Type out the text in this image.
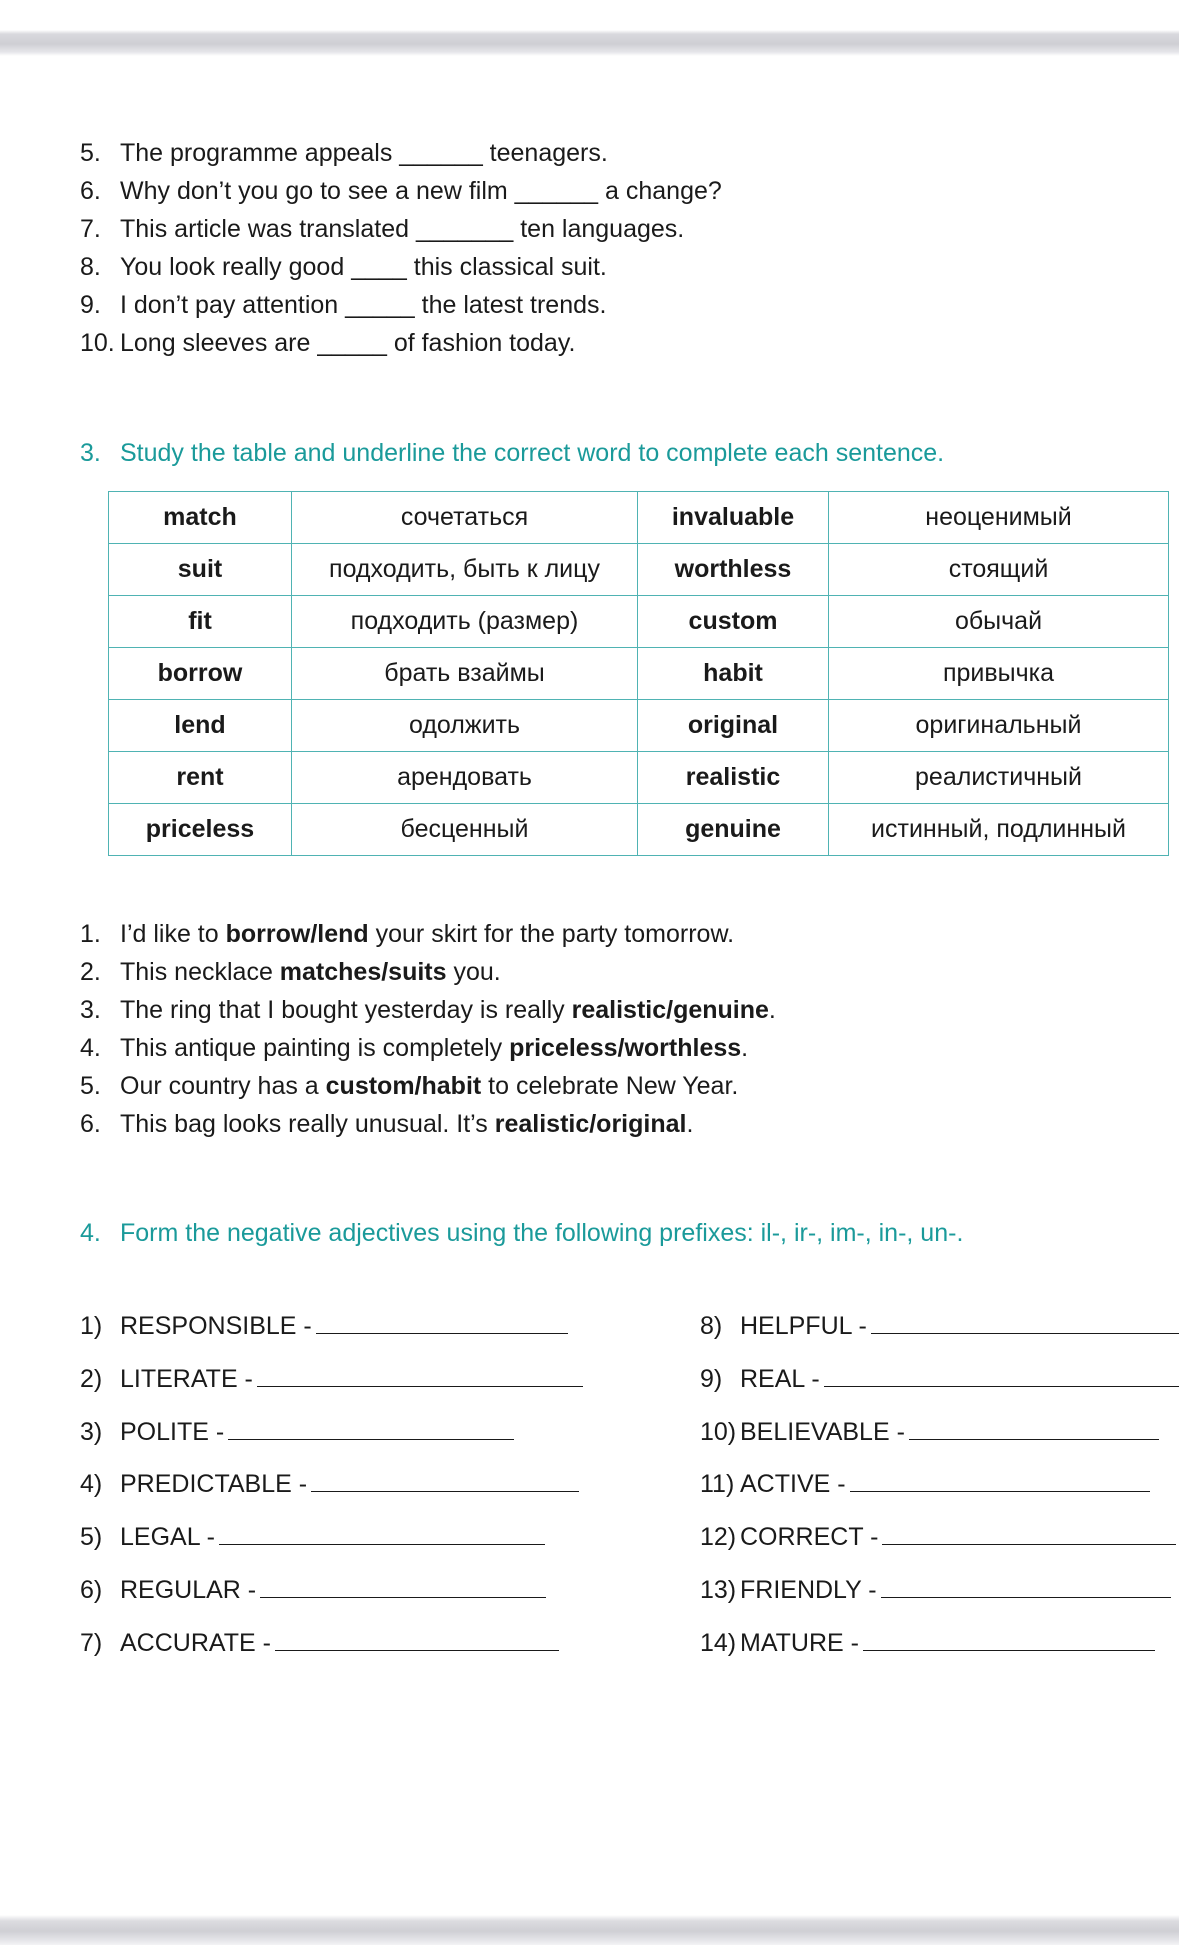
5. The programme appeals ______ teenagers.
6. Why don’t you go to see a new film ______ a change?
7. This article was translated _______ ten languages.
8. You look really good ____ this classical suit.
9. I don’t pay attention _____ the latest trends.
10. Long sleeves are _____ of fashion today.
3. Study the table and underline the correct word to complete each sentence.
match	сочетаться	invaluable	неоценимый
suit	подходить, быть к лицу	worthless	стоящий
fit	подходить (размер)	custom	обычай
borrow	брать взаймы	habit	привычка
lend	одолжить	original	оригинальный
rent	арендовать	realistic	реалистичный
priceless	бесценный	genuine	истинный, подлинный
1. I’d like to borrow/lend your skirt for the party tomorrow.
2. This necklace matches/suits you.
3. The ring that I bought yesterday is really realistic/genuine.
4. This antique painting is completely priceless/worthless.
5. Our country has a custom/habit to celebrate New Year.
6. This bag looks really unusual. It’s realistic/original.
4. Form the negative adjectives using the following prefixes: il-, ir-, im-, in-, un-.
1) RESPONSIBLE -
2) LITERATE -
3) POLITE -
4) PREDICTABLE -
5) LEGAL -
6) REGULAR -
7) ACCURATE -
8) HELPFUL -
9) REAL -
10) BELIEVABLE -
11) ACTIVE -
12) CORRECT -
13) FRIENDLY -
14) MATURE -
